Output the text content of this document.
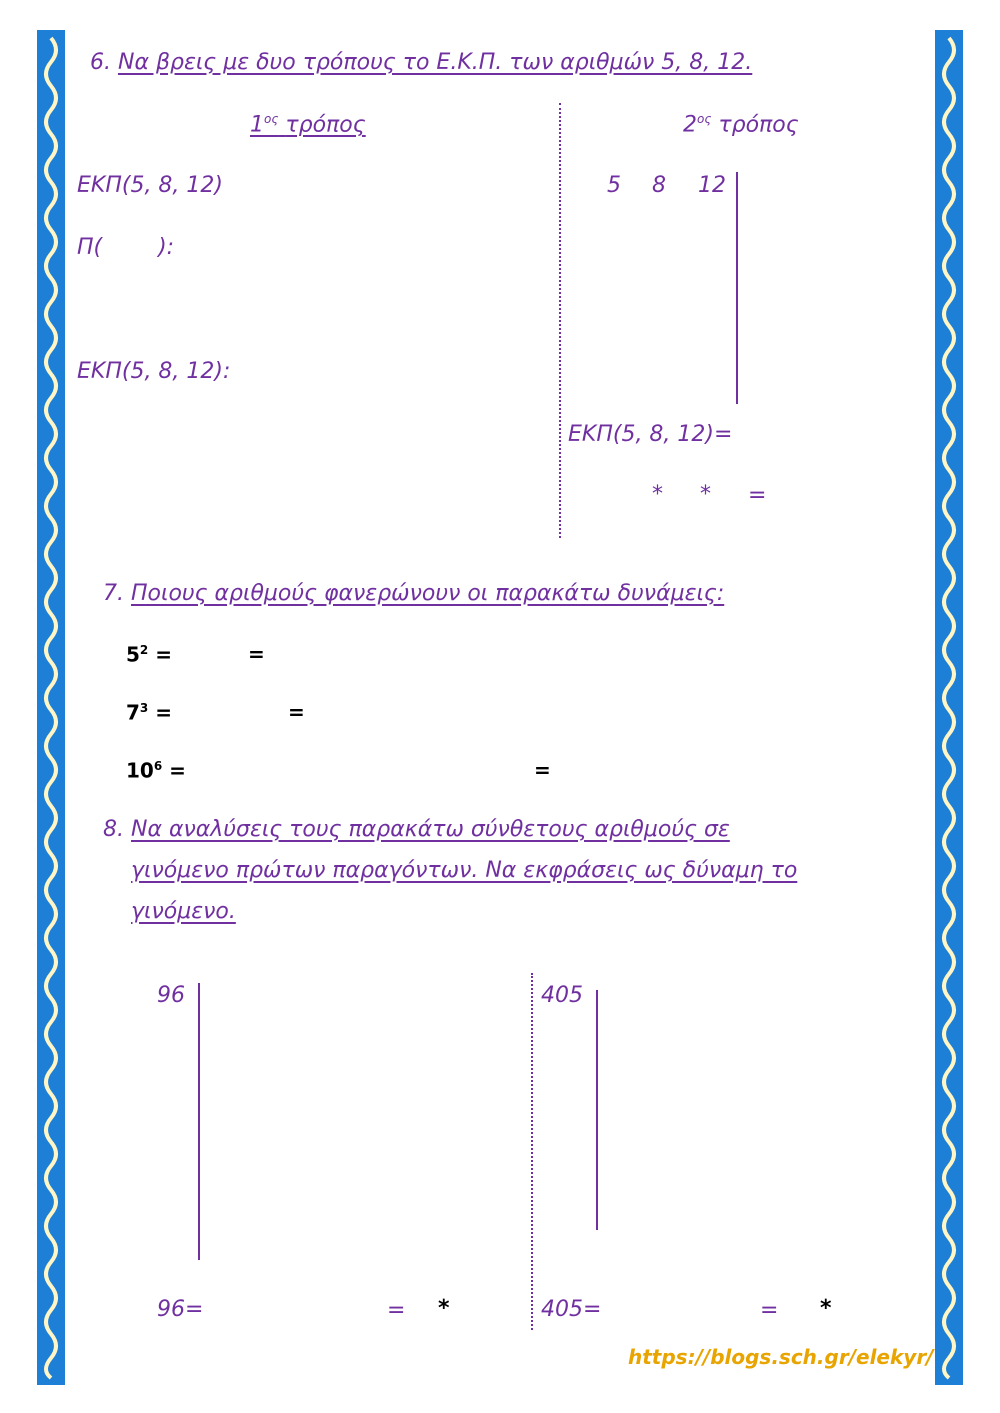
6. Να βρεις με δυο τρόπους το Ε.Κ.Π. των αριθμών 5, 8, 12.
$1^{o\varsigma}$ τρόπος	$2^{o\varsigma}$ τρόπος
ΕΚΠ(5, 8, 12)
Π(        ):
ΕΚΠ(5, 8, 12):
5 8 12
ΕΚΠ(5, 8, 12)=
* * =
7. Ποιους αριθμούς φανερώνουν οι παρακάτω δυνάμεις:
$5^2$ =	=
$7^3$ =	=
$10^6$ =	=
8. Να αναλύσεις τους παρακάτω σύνθετους αριθμούς σε
γινόμενο πρώτων παραγόντων. Να εκφράσεις ως δύναμη το
γινόμενο.
96	405
96=	= *	405=	= *
https://blogs.sch.gr/elekyr/
